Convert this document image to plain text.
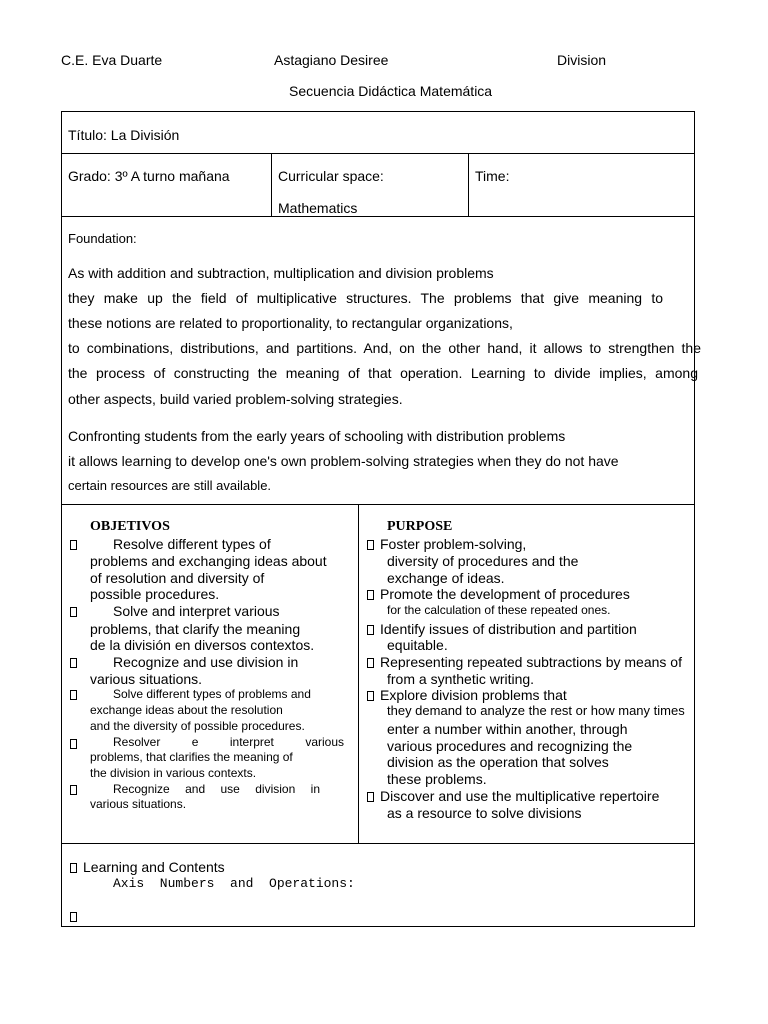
C.E. Eva Duarte	Astagiano Desiree	Division
Secuencia Didáctica Matemática
Título: La División
Grado: 3º A turno mañana	Curricular space:
Mathematics
Time:
Foundation:
As with addition and subtraction, multiplication and division problems
they make up the field of multiplicative structures. The problems that give meaning to
these notions are related to proportionality, to rectangular organizations,
to combinations, distributions, and partitions. And, on the other hand, it allows to strengthen the
the process of constructing the meaning of that operation. Learning to divide implies, among
other aspects, build varied problem-solving strategies.
Confronting students from the early years of schooling with distribution problems
it allows learning to develop one's own problem-solving strategies when they do not have
certain resources are still available.
OBJETIVOS
Resolve different types of
problems and exchanging ideas about
of resolution and diversity of
possible procedures.
Solve and interpret various
problems, that clarify the meaning
de la división en diversos contextos.
Recognize and use division in
various situations.
Solve different types of problems and
exchange ideas about the resolution
and the diversity of possible procedures.
Resolver e interpret various
problems, that clarifies the meaning of
the division in various contexts.
Recognize and use division in
various situations.
PURPOSE
Foster problem-solving,
diversity of procedures and the
exchange of ideas.
Promote the development of procedures
for the calculation of these repeated ones.
Identify issues of distribution and partition
equitable.
Representing repeated subtractions by means of
from a synthetic writing.
Explore division problems that
they demand to analyze the rest or how many times
enter a number within another, through
various procedures and recognizing the
division as the operation that solves
these problems.
Discover and use the multiplicative repertoire
as a resource to solve divisions
Learning and Contents
Axis  Numbers  and  Operations:
